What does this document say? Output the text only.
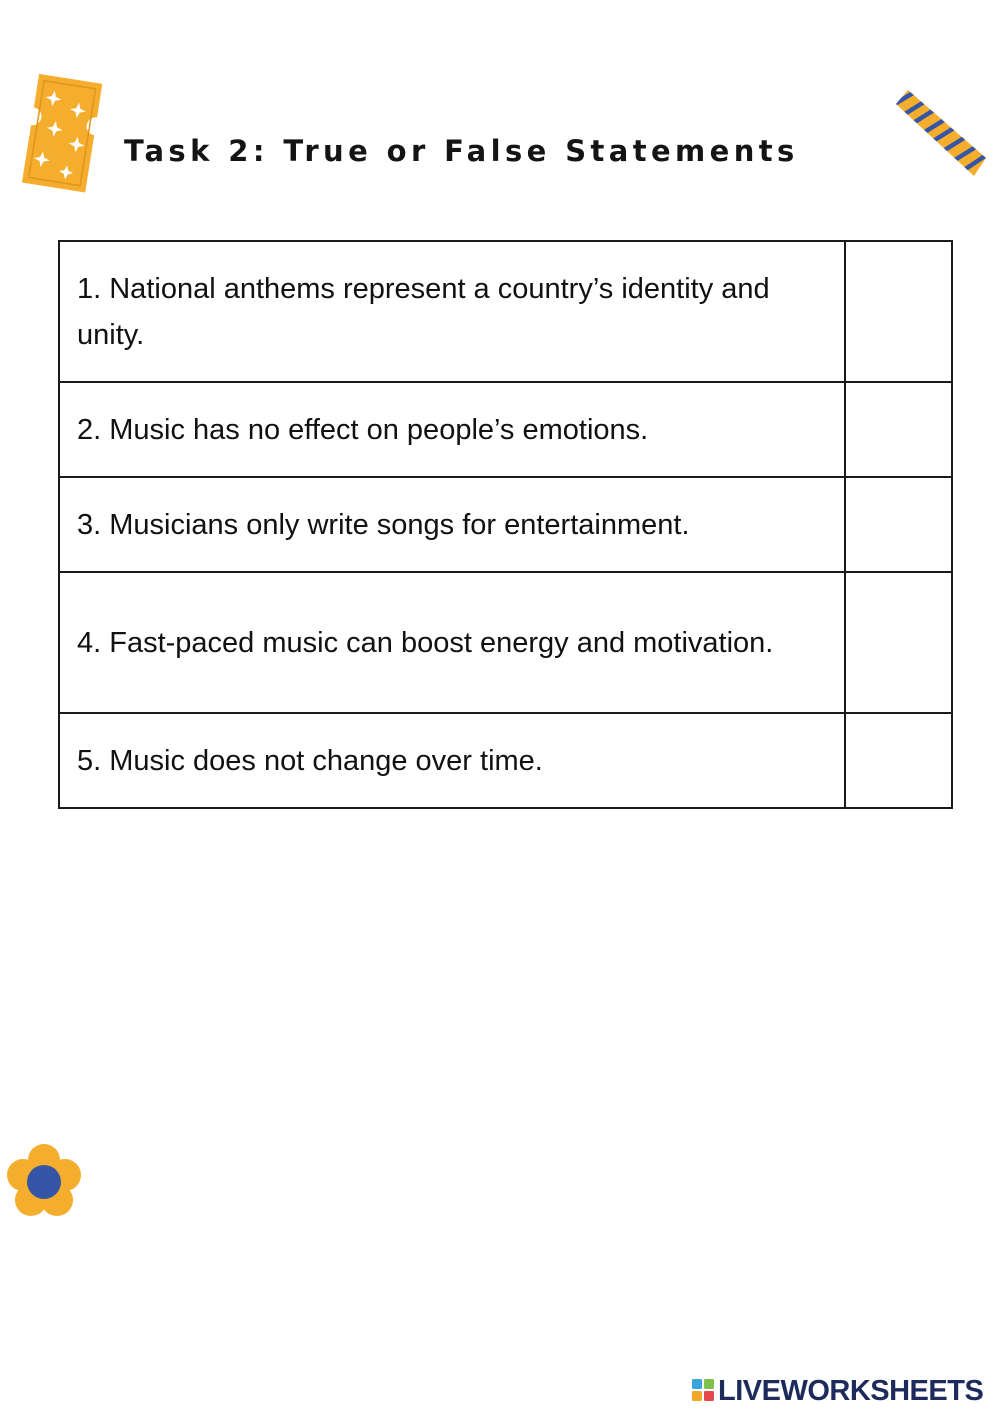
Task 2: True or False Statements
1. National anthems represent a country’s identity and unity.	

2. Music has no effect on people’s emotions.	

3. Musicians only write songs for entertainment.	

4. Fast-paced music can boost energy and motivation.	

5. Music does not change over time.	
LIVEWORKSHEETS
